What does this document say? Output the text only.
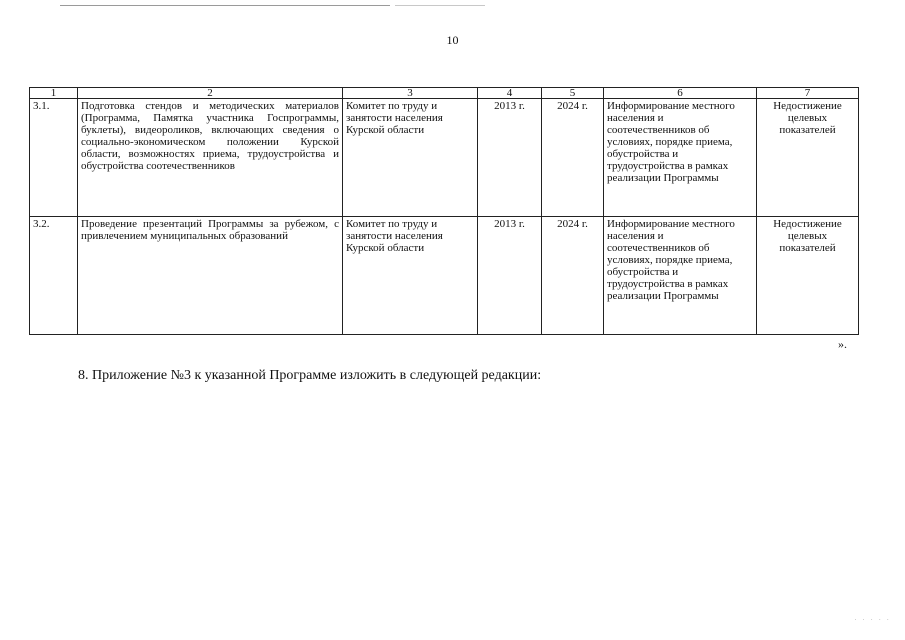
10
1	2	3	4	5	6	7
3.1.	Подготовка стендов и методических материалов (Программа, Памятка участника Госпрограммы, буклеты), видеороликов, включающих сведения о социально-экономическом положении Курской области, возможностях приема, трудоустройства и обустройства соотечественников	Комитет по труду и занятости населения Курской области	2013 г.	2024 г.	Информирование местного населения и соотечественников об условиях, порядке приема, обустройства и трудоустройства в рамках реализации Программы	Недостижение целевых показателей
3.2.	Проведение презентаций Программы за рубежом, с привлечением муниципальных образований	Комитет по труду и занятости населения Курской области	2013 г.	2024 г.	Информирование местного населения и соотечественников об условиях, порядке приема, обустройства и трудоустройства в рамках реализации Программы	Недостижение целевых показателей
».
8. Приложение №3 к указанной Программе изложить в следующей редакции:
· · · · ·
